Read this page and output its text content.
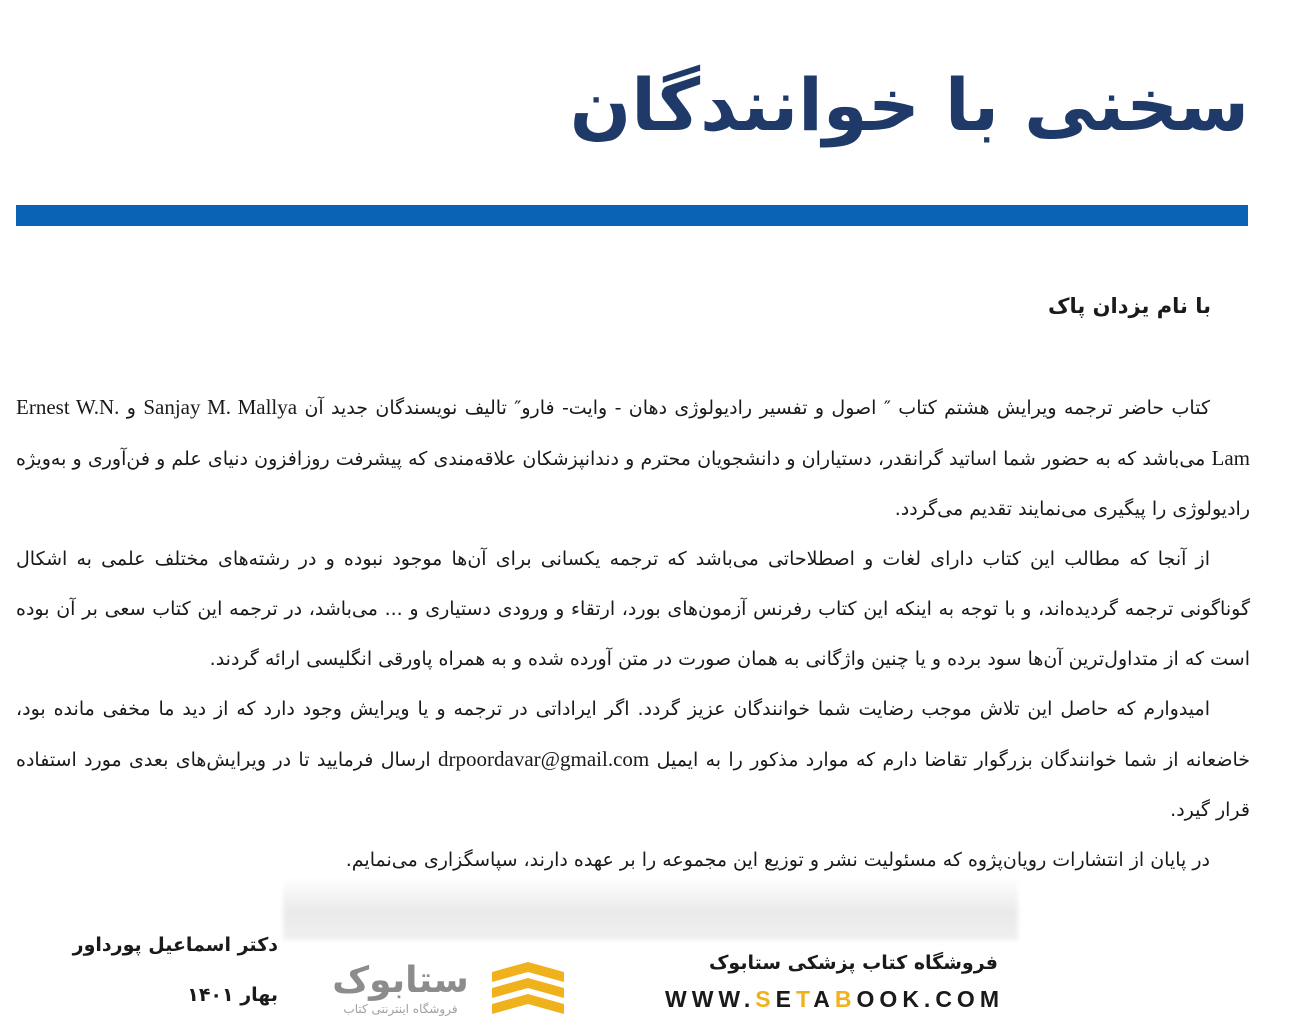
سخنی با خوانندگان
با نام یزدان پاک

کتاب حاضر ترجمه ویرایش هشتم کتاب ″ اصول و تفسیر رادیولوژی دهان - وایت- فارو″ تالیف نویسندگان جدید آن Sanjay M. Mallya و Ernest W.N. Lam می‌باشد که به حضور شما اساتید گرانقدر، دستیاران و دانشجویان محترم و دندانپزشکان علاقه‌مندی که پیشرفت روزافزون دنیای علم و فن‌آوری و به‌ویژه رادیولوژی را پیگیری می‌نمایند تقدیم می‌گردد.

از آنجا که مطالب این کتاب دارای لغات و اصطلاحاتی می‌باشد که ترجمه یکسانی برای آن‌ها موجود نبوده و در رشته‌های مختلف علمی به اشکال گوناگونی ترجمه گردیده‌اند، و با توجه به اینکه این کتاب رفرنس آزمون‌های بورد، ارتقاء و ورودی دستیاری و ... می‌باشد، در ترجمه این کتاب سعی بر آن بوده است که از متداول‌ترین آن‌ها سود برده و یا چنین واژگانی به همان صورت در متن آورده شده و به همراه پاورقی انگلیسی ارائه گردند.

امیدوارم که حاصل این تلاش موجب رضایت شما خوانندگان عزیز گردد. اگر ایراداتی در ترجمه و یا ویرایش وجود دارد که از دید ما مخفی مانده بود، خاضعانه از شما خوانندگان بزرگوار تقاضا دارم که موارد مذکور را به ایمیل drpoordavar@gmail.com ارسال فرمایید تا در ویرایش‌های بعدی مورد استفاده قرار گیرد.

در پایان از انتشارات رویان‌پژوه که مسئولیت نشر و توزیع این مجموعه را بر عهده دارند، سپاسگزاری می‌نمایم.

دکتر اسماعیل پورداور
بهار ۱۴۰۱	ستابوک
فروشگاه اینترنتی کتاب
فروشگاه کتاب پزشکی ستابوک
WWW.SETABOOK.COM
